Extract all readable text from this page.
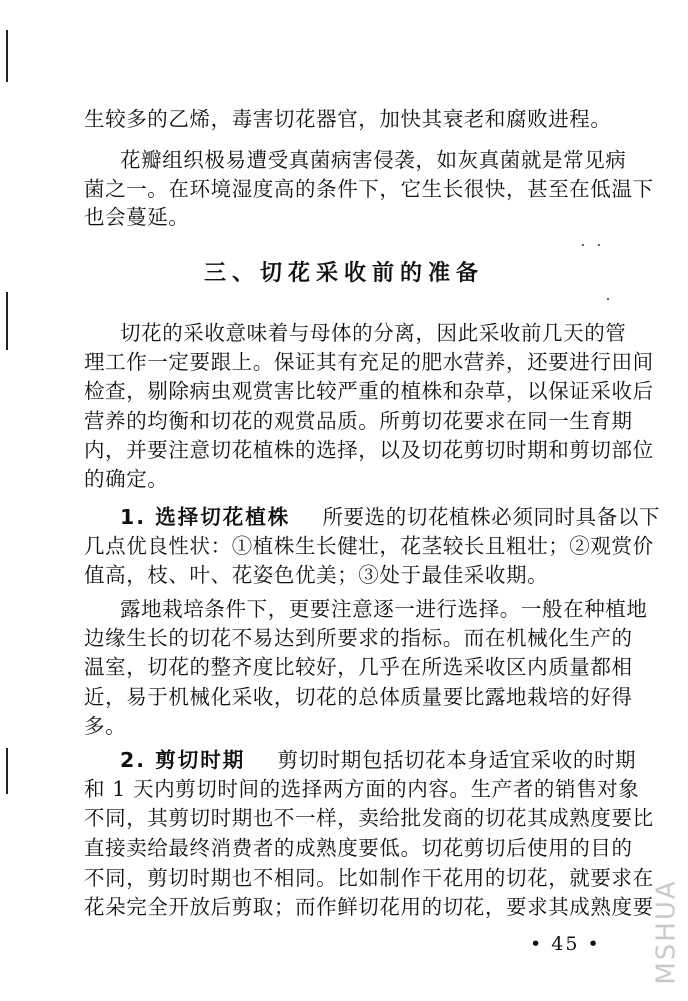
生较多的乙烯，毒害切花器官，加快其衰老和腐败进程。
花瓣组织极易遭受真菌病害侵袭，如灰真菌就是常见病
菌之一。在环境湿度高的条件下，它生长很快，甚至在低温下
也会蔓延。
三、切花采收前的准备
切花的采收意味着与母体的分离，因此采收前几天的管
理工作一定要跟上。保证其有充足的肥水营养，还要进行田间
检查，剔除病虫观赏害比较严重的植株和杂草，以保证采收后
营养的均衡和切花的观赏品质。所剪切花要求在同一生育期
内，并要注意切花植株的选择，以及切花剪切时期和剪切部位
的确定。
1. 选择切花植株 所要选的切花植株必须同时具备以下
几点优良性状：①植株生长健壮，花茎较长且粗壮；②观赏价
值高，枝、叶、花姿色优美；③处于最佳采收期。
露地栽培条件下，更要注意逐一进行选择。一般在种植地
边缘生长的切花不易达到所要求的指标。而在机械化生产的
温室，切花的整齐度比较好，几乎在所选采收区内质量都相
近，易于机械化采收，切花的总体质量要比露地栽培的好得
多。
2. 剪切时期 剪切时期包括切花本身适宜采收的时期
和 1 天内剪切时间的选择两方面的内容。生产者的销售对象
不同，其剪切时期也不一样，卖给批发商的切花其成熟度要比
直接卖给最终消费者的成熟度要低。切花剪切后使用的目的
不同，剪切时期也不相同。比如制作干花用的切花，就要求在
花朵完全开放后剪取；而作鲜切花用的切花，要求其成熟度要
• 45 • MSHUA
